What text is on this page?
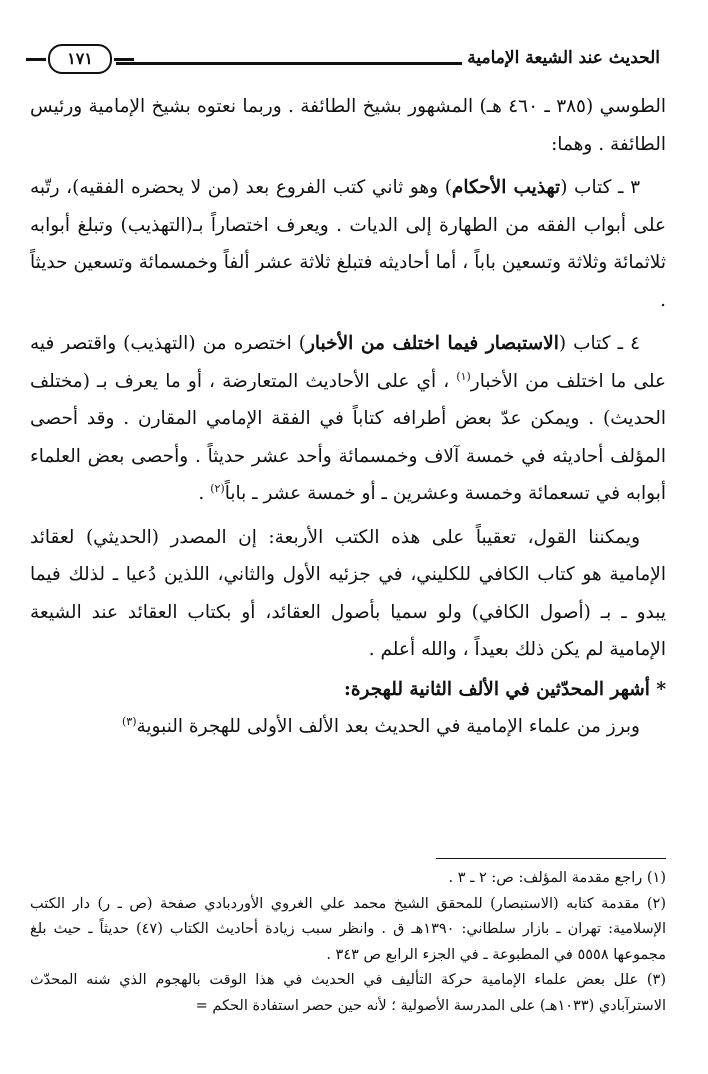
الحديث عند الشيعة الإمامية
١٧١

الطوسي (٣٨٥ ـ ٤٦٠ هـ) المشهور بشيخ الطائفة . وربما نعتوه بشيخ الإمامية ورئيس الطائفة . وهما:

٣ ـ كتاب (تهذيب الأحكام) وهو ثاني كتب الفروع بعد (من لا يحضره الفقيه)، رتّبه على أبواب الفقه من الطهارة إلى الديات . ويعرف اختصاراً بـ(التهذيب) وتبلغ أبوابه ثلاثمائة وثلاثة وتسعين باباً ، أما أحاديثه فتبلغ ثلاثة عشر ألفاً وخمسمائة وتسعين حديثاً .

٤ ـ كتاب (الاستبصار فيما اختلف من الأخبار) اختصره من (التهذيب) واقتصر فيه على ما اختلف من الأخبار$^{(١)}$ ، أي على الأحاديث المتعارضة ، أو ما يعرف بـ (مختلف الحديث) . ويمكن عدّ بعض أطرافه كتاباً في الفقة الإمامي المقارن . وقد أحصى المؤلف أحاديثه في خمسة آلاف وخمسمائة وأحد عشر حديثاً . وأحصى بعض العلماء أبوابه في تسعمائة وخمسة وعشرين ـ أو خمسة عشر ـ باباً$^{(٢)}$ .

ويمكننا القول، تعقيباً على هذه الكتب الأربعة: إن المصدر (الحديثي) لعقائد الإمامية هو كتاب الكافي للكليني، في جزئيه الأول والثاني، اللذين دُعيا ـ لذلك فيما يبدو ـ بـ (أصول الكافي) ولو سميا بأصول العقائد، أو بكتاب العقائد عند الشيعة الإمامية لم يكن ذلك بعيداً ، والله أعلم .

* أشهر المحدّثين في الألف الثانية للهجرة:

وبرز من علماء الإمامية في الحديث بعد الألف الأولى للهجرة النبوية$^{(٣)}$

(١) راجع مقدمة المؤلف: ص: ٢ ـ ٣ .

(٢) مقدمة كتابه (الاستبصار) للمحقق الشيخ محمد علي الغروي الأوردبادي صفحة (ص ـ ر) دار الكتب الإسلامية: تهران ـ بازار سلطاني: ١٣٩٠هـ ق . وانظر سبب زيادة أحاديث الكتاب (٤٧) حديثاً ـ حيث بلغ مجموعها ٥٥٥٨ في المطبوعة ـ في الجزء الرابع ص ٣٤٣ .

(٣) علل بعض علماء الإمامية حركة التأليف في الحديث في هذا الوقت بالهجوم الذي شنه المحدّث الاسترآبادي (١٠٣٣هـ) على المدرسة الأصولية ؛ لأنه حين حصر استفادة الحكم =
